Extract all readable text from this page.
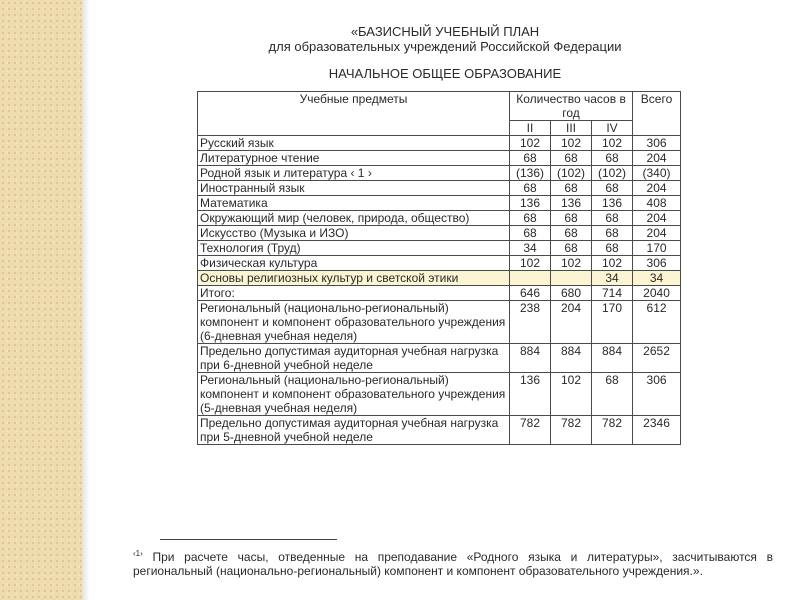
«БАЗИСНЫЙ УЧЕБНЫЙ ПЛАН
для образовательных учреждений Российской Федерации
НАЧАЛЬНОЕ ОБЩЕЕ ОБРАЗОВАНИЕ
Учебные предметы	Количество часов в год			Всего
	II	III	IV	
Русский язык	102	102	102	306
Литературное чтение	68	68	68	204
Родной язык и литература ‹ 1 ›	(136)	(102)	(102)	(340)
Иностранный язык	68	68	68	204
Математика	136	136	136	408
Окружающий мир (человек, природа, общество)	68	68	68	204
Искусство (Музыка и ИЗО)	68	68	68	204
Технология (Труд)	34	68	68	170
Физическая культура	102	102	102	306
Основы религиозных культур и светской этики			34	34
Итого:	646	680	714	2040
Региональный (национально-региональный) компонент и компонент образовательного учреждения (6-дневная учебная неделя)	238	204	170	612
Предельно допустимая аудиторная учебная нагрузка при 6-дневной учебной неделе	884	884	884	2652
Региональный (национально-региональный) компонент и компонент образовательного учреждения (5-дневная учебная неделя)	136	102	68	306
Предельно допустимая аудиторная учебная нагрузка при 5-дневной учебной неделе	782	782	782	2346
$^{‹1›}$ При расчете часы, отведенные на преподавание «Родного языка и литературы», засчитываются в региональный (национально-региональный) компонент и компонент образовательного учреждения.».
